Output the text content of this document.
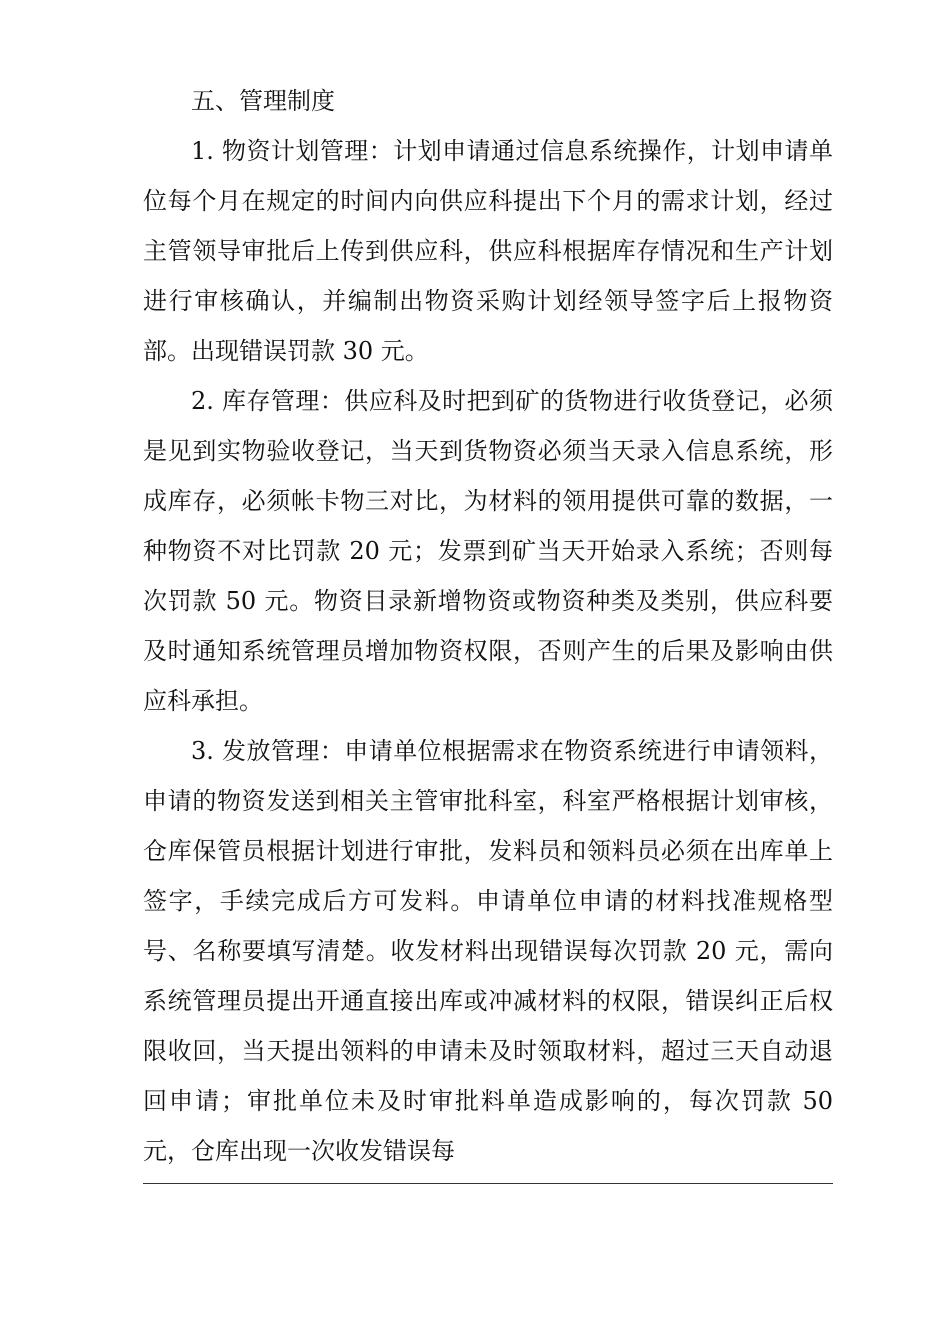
五、管理制度

1. 物资计划管理：计划申请通过信息系统操作，计划申请单位每个月在规定的时间内向供应科提出下个月的需求计划，经过主管领导审批后上传到供应科，供应科根据库存情况和生产计划进行审核确认，并编制出物资采购计划经领导签字后上报物资部。出现错误罚款 30 元。

2. 库存管理：供应科及时把到矿的货物进行收货登记，必须是见到实物验收登记，当天到货物资必须当天录入信息系统，形成库存，必须帐卡物三对比，为材料的领用提供可靠的数据，一种物资不对比罚款 20 元；发票到矿当天开始录入系统；否则每次罚款 50 元。物资目录新增物资或物资种类及类别，供应科要及时通知系统管理员增加物资权限，否则产生的后果及影响由供应科承担。

3. 发放管理：申请单位根据需求在物资系统进行申请领料，申请的物资发送到相关主管审批科室，科室严格根据计划审核，仓库保管员根据计划进行审批，发料员和领料员必须在出库单上签字，手续完成后方可发料。申请单位申请的材料找准规格型号、名称要填写清楚。收发材料出现错误每次罚款 20 元，需向系统管理员提出开通直接出库或冲减材料的权限，错误纠正后权限收回，当天提出领料的申请未及时领取材料，超过三天自动退回申请；审批单位未及时审批料单造成影响的，每次罚款 50 元，仓库出现一次收发错误每
